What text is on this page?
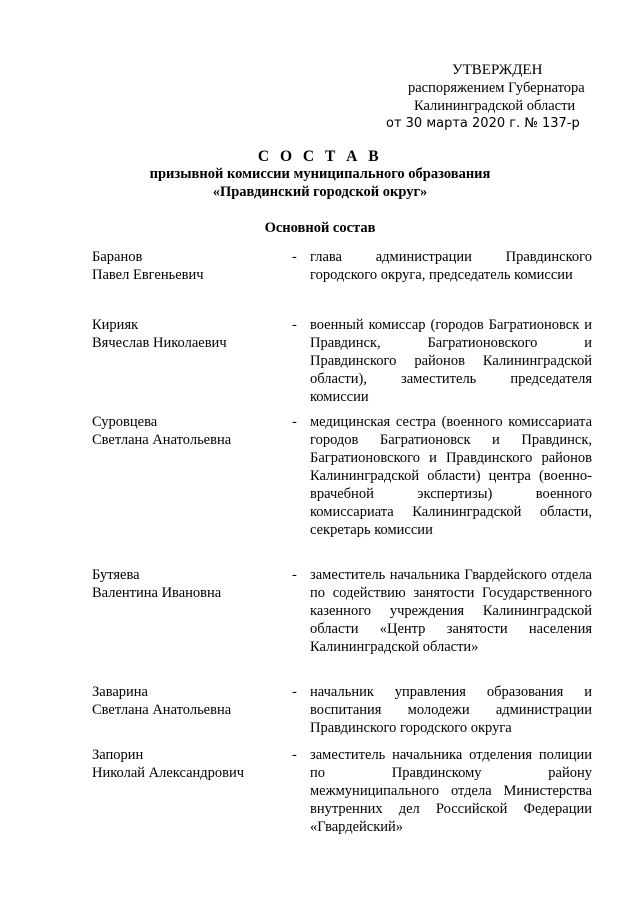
УТВЕРЖДЕН
распоряжением Губернатора
Калининградской области
от 30 марта 2020 г. № 137-р
С О С Т А В
призывной комиссии муниципального образования
«Правдинский городской округ»
Основной состав
Баранов
Павел Евгеньевич
- глава администрации Правдинского городского округа, председатель комиссии
Кирияк
Вячеслав Николаевич
- военный комиссар (городов Багратионовск и Правдинск, Багратионовского и Правдинского районов Калининградской области), заместитель председателя комиссии
Суровцева
Светлана Анатольевна
- медицинская сестра (военного комиссариата городов Багратионовск и Правдинск, Багратионовского и Правдинского районов Калининградской области) центра (военно-врачебной экспертизы) военного комиссариата Калининградской области, секретарь комиссии
Бутяева
Валентина Ивановна
- заместитель начальника Гвардейского отдела по содействию занятости Государственного казенного учреждения Калининградской области «Центр занятости населения Калининградской области»
Заварина
Светлана Анатольевна
- начальник управления образования и воспитания молодежи администрации Правдинского городского округа
Запорин
Николай Александрович
- заместитель начальника отделения полиции по Правдинскому району межмуниципального отдела Министерства внутренних дел Российской Федерации «Гвардейский»
